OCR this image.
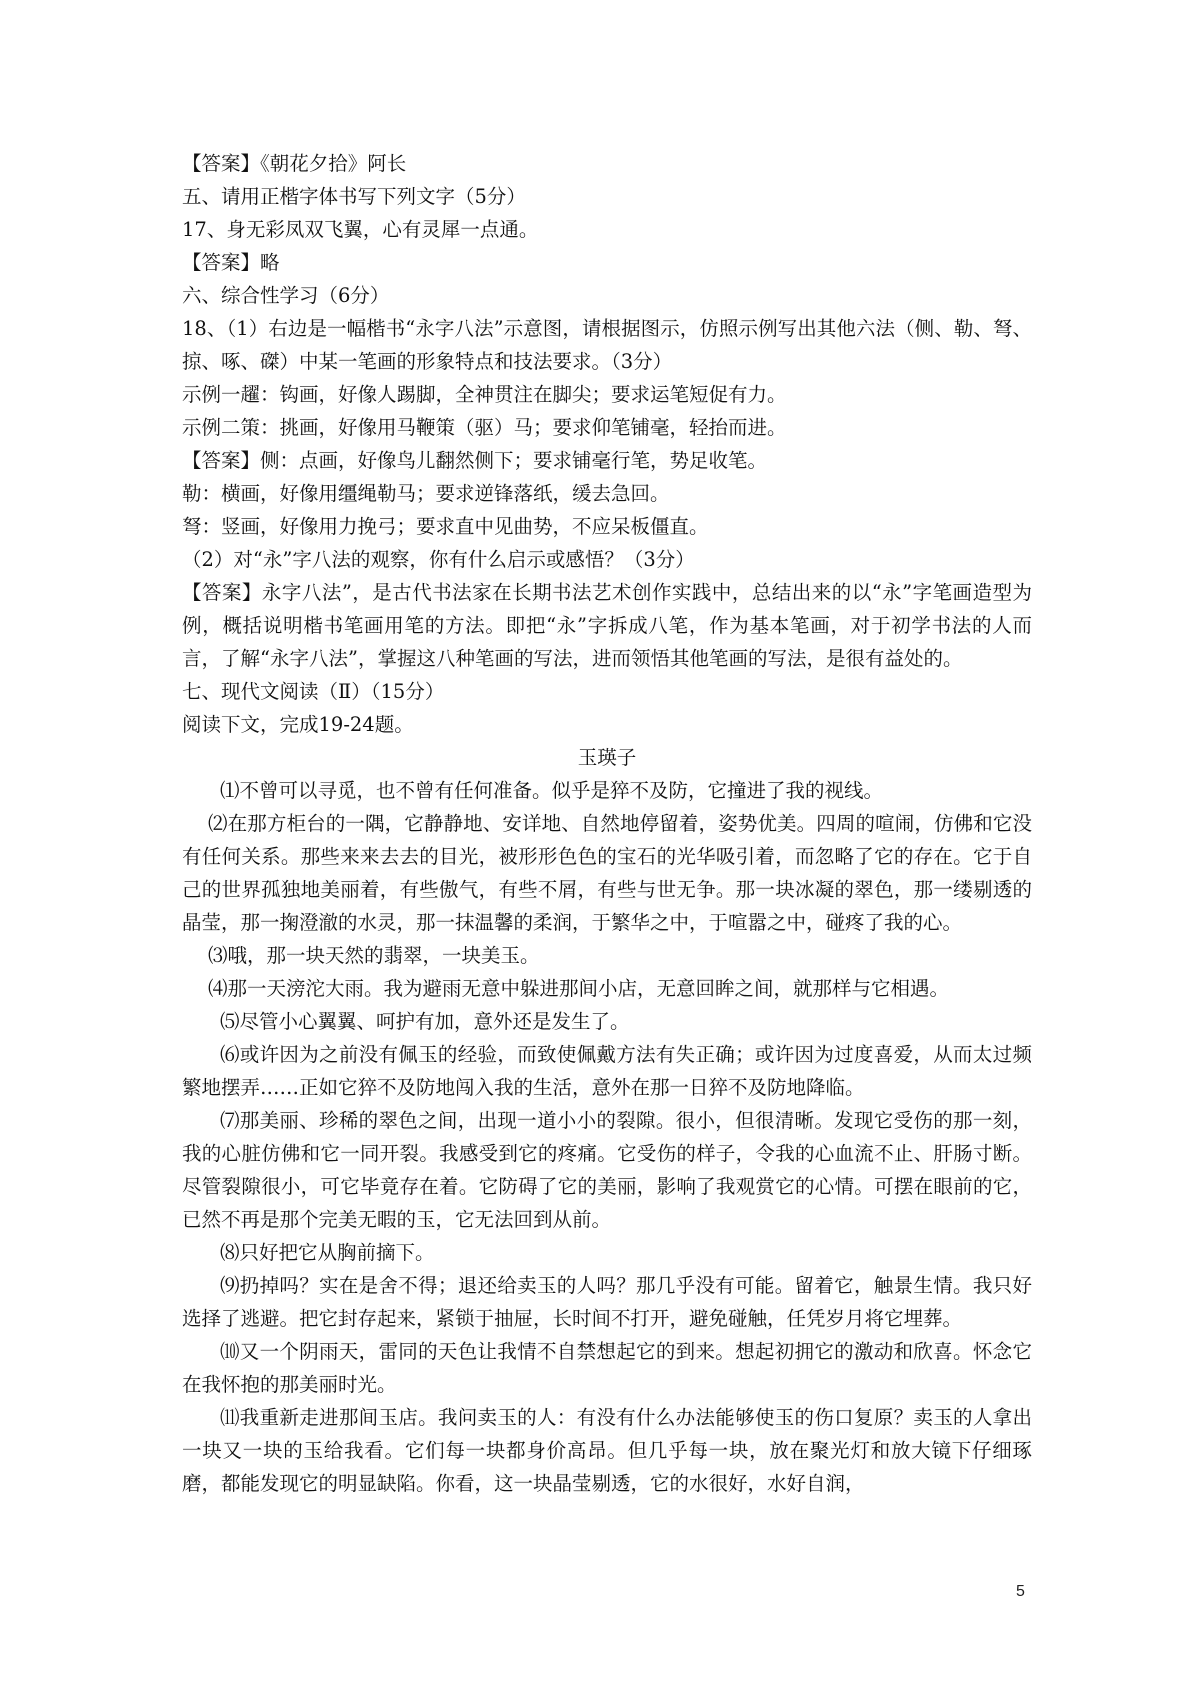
【答案】《朝花夕拾》阿长
五、请用正楷字体书写下列文字（5分）
17、身无彩凤双飞翼，心有灵犀一点通。
【答案】略
六、综合性学习（6分）
18、（1）右边是一幅楷书“永字八法”示意图，请根据图示，仿照示例写出其他六法（侧、勒、弩、掠、啄、磔）中某一笔画的形象特点和技法要求。（3分）
示例一趯：钩画，好像人踢脚，全神贯注在脚尖；要求运笔短促有力。
示例二策：挑画，好像用马鞭策（驱）马；要求仰笔铺毫，轻抬而进。
【答案】侧：点画，好像鸟儿翻然侧下；要求铺毫行笔，势足收笔。
勒：横画，好像用缰绳勒马；要求逆锋落纸，缓去急回。
弩：竖画，好像用力挽弓；要求直中见曲势，不应呆板僵直。
（2）对“永”字八法的观察，你有什么启示或感悟？（3分）
【答案】永字八法”，是古代书法家在长期书法艺术创作实践中，总结出来的以“永”字笔画造型为例，概括说明楷书笔画用笔的方法。即把“永”字拆成八笔，作为基本笔画，对于初学书法的人而言，了解“永字八法”，掌握这八种笔画的写法，进而领悟其他笔画的写法，是很有益处的。
七、现代文阅读（Ⅱ）（15分）
阅读下文，完成19-24题。
玉瑛子
⑴不曾可以寻觅，也不曾有任何准备。似乎是猝不及防，它撞进了我的视线。
⑵在那方柜台的一隅，它静静地、安详地、自然地停留着，姿势优美。四周的喧闹，仿佛和它没有任何关系。那些来来去去的目光，被形形色色的宝石的光华吸引着，而忽略了它的存在。它于自己的世界孤独地美丽着，有些傲气，有些不屑，有些与世无争。那一块冰凝的翠色，那一缕剔透的晶莹，那一掬澄澈的水灵，那一抹温馨的柔润，于繁华之中，于喧嚣之中，碰疼了我的心。
⑶哦，那一块天然的翡翠，一块美玉。
⑷那一天滂沱大雨。我为避雨无意中躲进那间小店，无意回眸之间，就那样与它相遇。
⑸尽管小心翼翼、呵护有加，意外还是发生了。
⑹或许因为之前没有佩玉的经验，而致使佩戴方法有失正确；或许因为过度喜爱，从而太过频繁地摆弄……正如它猝不及防地闯入我的生活，意外在那一日猝不及防地降临。
⑺那美丽、珍稀的翠色之间，出现一道小小的裂隙。很小，但很清晰。发现它受伤的那一刻，我的心脏仿佛和它一同开裂。我感受到它的疼痛。它受伤的样子，令我的心血流不止、肝肠寸断。尽管裂隙很小，可它毕竟存在着。它防碍了它的美丽，影响了我观赏它的心情。可摆在眼前的它，已然不再是那个完美无暇的玉，它无法回到从前。
⑻只好把它从胸前摘下。
⑼扔掉吗？实在是舍不得；退还给卖玉的人吗？那几乎没有可能。留着它，触景生情。我只好选择了逃避。把它封存起来，紧锁于抽屉，长时间不打开，避免碰触，任凭岁月将它埋葬。
⑽又一个阴雨天，雷同的天色让我情不自禁想起它的到来。想起初拥它的激动和欣喜。怀念它在我怀抱的那美丽时光。
⑾我重新走进那间玉店。我问卖玉的人：有没有什么办法能够使玉的伤口复原？卖玉的人拿出一块又一块的玉给我看。它们每一块都身价高昂。但几乎每一块，放在聚光灯和放大镜下仔细琢磨，都能发现它的明显缺陷。你看，这一块晶莹剔透，它的水很好，水好自润，
5
